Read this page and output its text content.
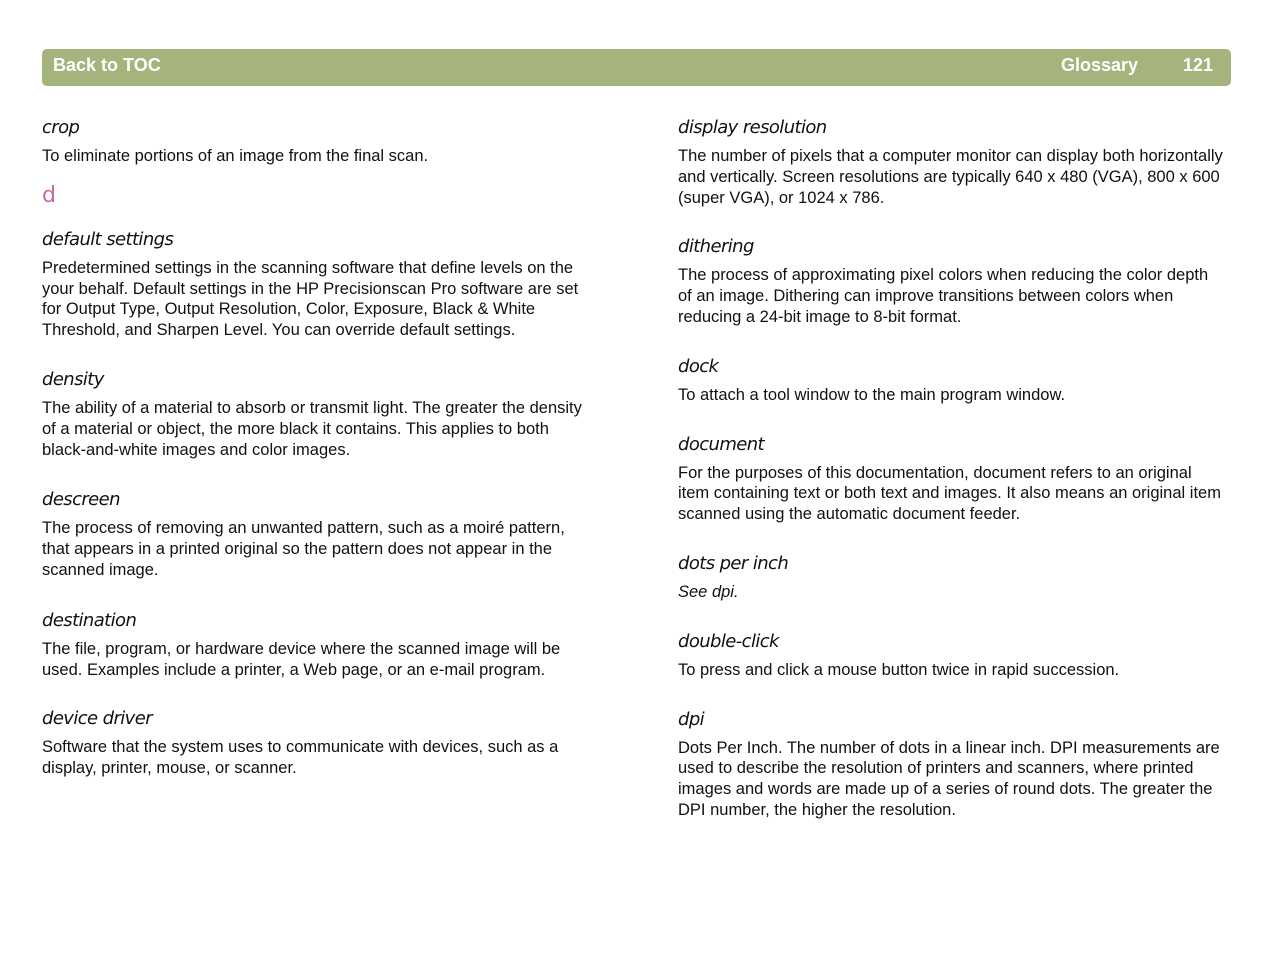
Back to TOC	Glossary 121
crop
To eliminate portions of an image from the final scan.
d
default settings
Predetermined settings in the scanning software that define levels on the your behalf. Default settings in the HP Precisionscan Pro software are set for Output Type, Output Resolution, Color, Exposure, Black & White Threshold, and Sharpen Level. You can override default settings.
density
The ability of a material to absorb or transmit light. The greater the density of a material or object, the more black it contains. This applies to both black-and-white images and color images.
descreen
The process of removing an unwanted pattern, such as a moiré pattern, that appears in a printed original so the pattern does not appear in the scanned image.
destination
The file, program, or hardware device where the scanned image will be used. Examples include a printer, a Web page, or an e-mail program.
device driver
Software that the system uses to communicate with devices, such as a display, printer, mouse, or scanner.
display resolution
The number of pixels that a computer monitor can display both horizontally and vertically. Screen resolutions are typically 640 x 480 (VGA), 800 x 600 (super VGA), or 1024 x 786.
dithering
The process of approximating pixel colors when reducing the color depth of an image. Dithering can improve transitions between colors when reducing a 24-bit image to 8-bit format.
dock
To attach a tool window to the main program window.
document
For the purposes of this documentation, document refers to an original item containing text or both text and images. It also means an original item scanned using the automatic document feeder.
dots per inch
See dpi.
double-click
To press and click a mouse button twice in rapid succession.
dpi
Dots Per Inch. The number of dots in a linear inch. DPI measurements are used to describe the resolution of printers and scanners, where printed images and words are made up of a series of round dots. The greater the DPI number, the higher the resolution.
